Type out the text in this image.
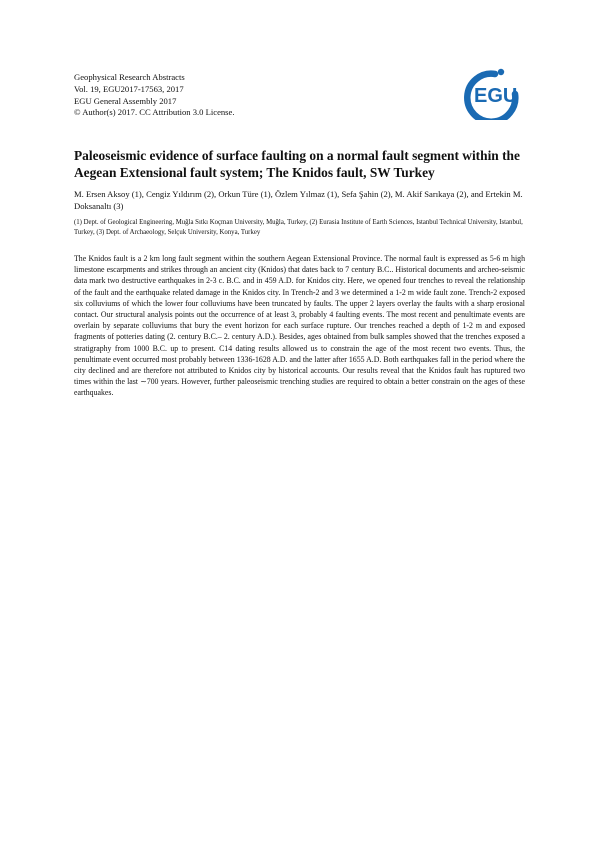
Geophysical Research Abstracts
Vol. 19, EGU2017-17563, 2017
EGU General Assembly 2017
© Author(s) 2017. CC Attribution 3.0 License.
EGU
Paleoseismic evidence of surface faulting on a normal fault segment within the Aegean Extensional fault system; The Knidos fault, SW Turkey
M. Ersen Aksoy (1), Cengiz Yıldırım (2), Orkun Türe (1), Özlem Yılmaz (1), Sefa Şahin (2), M. Akif Sarıkaya (2), and Ertekin M. Doksanaltı (3)
(1) Dept. of Geological Engineering, Muğla Sıtkı Koçman University, Muğla, Turkey, (2) Eurasia Institute of Earth Sciences, Istanbul Technical University, Istanbul, Turkey, (3) Dept. of Archaeology, Selçuk University, Konya, Turkey
The Knidos fault is a 2 km long fault segment within the southern Aegean Extensional Province. The normal fault is expressed as 5-6 m high limestone escarpments and strikes through an ancient city (Knidos) that dates back to 7 century B.C.. Historical documents and archeo-seismic data mark two destructive earthquakes in 2-3 c. B.C. and in 459 A.D. for Knidos city. Here, we opened four trenches to reveal the relationship of the fault and the earthquake related damage in the Knidos city. In Trench-2 and 3 we determined a 1-2 m wide fault zone. Trench-2 exposed six colluviums of which the lower four colluviums have been truncated by faults. The upper 2 layers overlay the faults with a sharp erosional contact. Our structural analysis points out the occurrence of at least 3, probably 4 faulting events. The most recent and penultimate events are overlain by separate colluviums that bury the event horizon for each surface rupture. Our trenches reached a depth of 1-2 m and exposed fragments of potteries dating (2. century B.C.– 2. century A.D.). Besides, ages obtained from bulk samples showed that the trenches exposed a stratigraphy from 1000 B.C. up to present. C14 dating results allowed us to constrain the age of the most recent two events. Thus, the penultimate event occurred most probably between 1336-1628 A.D. and the latter after 1655 A.D. Both earthquakes fall in the period where the city declined and are therefore not attributed to Knidos city by historical accounts. Our results reveal that the Knidos fault has ruptured two times within the last ∼700 years. However, further paleoseismic trenching studies are required to obtain a better constrain on the ages of these earthquakes.
